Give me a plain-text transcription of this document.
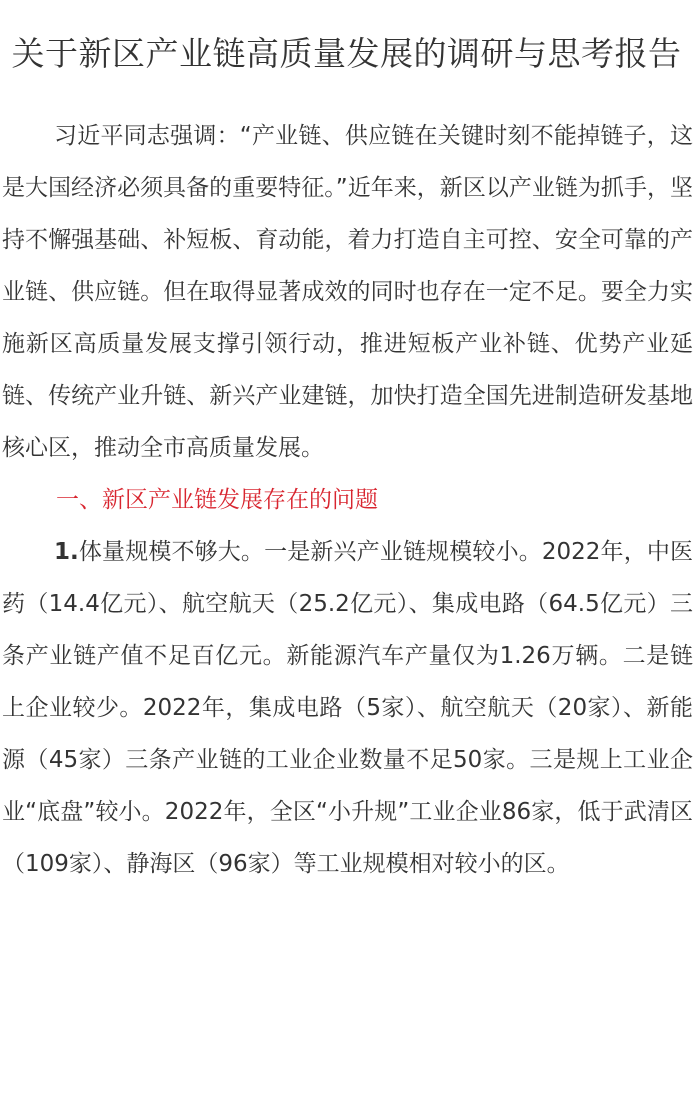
关于新区产业链高质量发展的调研与思考报告

习近平同志强调：“产业链、供应链在关键时刻不能掉链子，这是大国经济必须具备的重要特征。”近年来，新区以产业链为抓手，坚持不懈强基础、补短板、育动能，着力打造自主可控、安全可靠的产业链、供应链。但在取得显著成效的同时也存在一定不足。要全力实施新区高质量发展支撑引领行动，推进短板产业补链、优势产业延链、传统产业升链、新兴产业建链，加快打造全国先进制造研发基地核心区，推动全市高质量发展。

一、新区产业链发展存在的问题

1.体量规模不够大。一是新兴产业链规模较小。2022年，中医药（14.4亿元）、航空航天（25.2亿元）、集成电路（64.5亿元）三条产业链产值不足百亿元。新能源汽车产量仅为1.26万辆。二是链上企业较少。2022年，集成电路（5家）、航空航天（20家）、新能源（45家）三条产业链的工业企业数量不足50家。三是规上工业企业“底盘”较小。2022年，全区“小升规”工业企业86家，低于武清区（109家）、静海区（96家）等工业规模相对较小的区。
